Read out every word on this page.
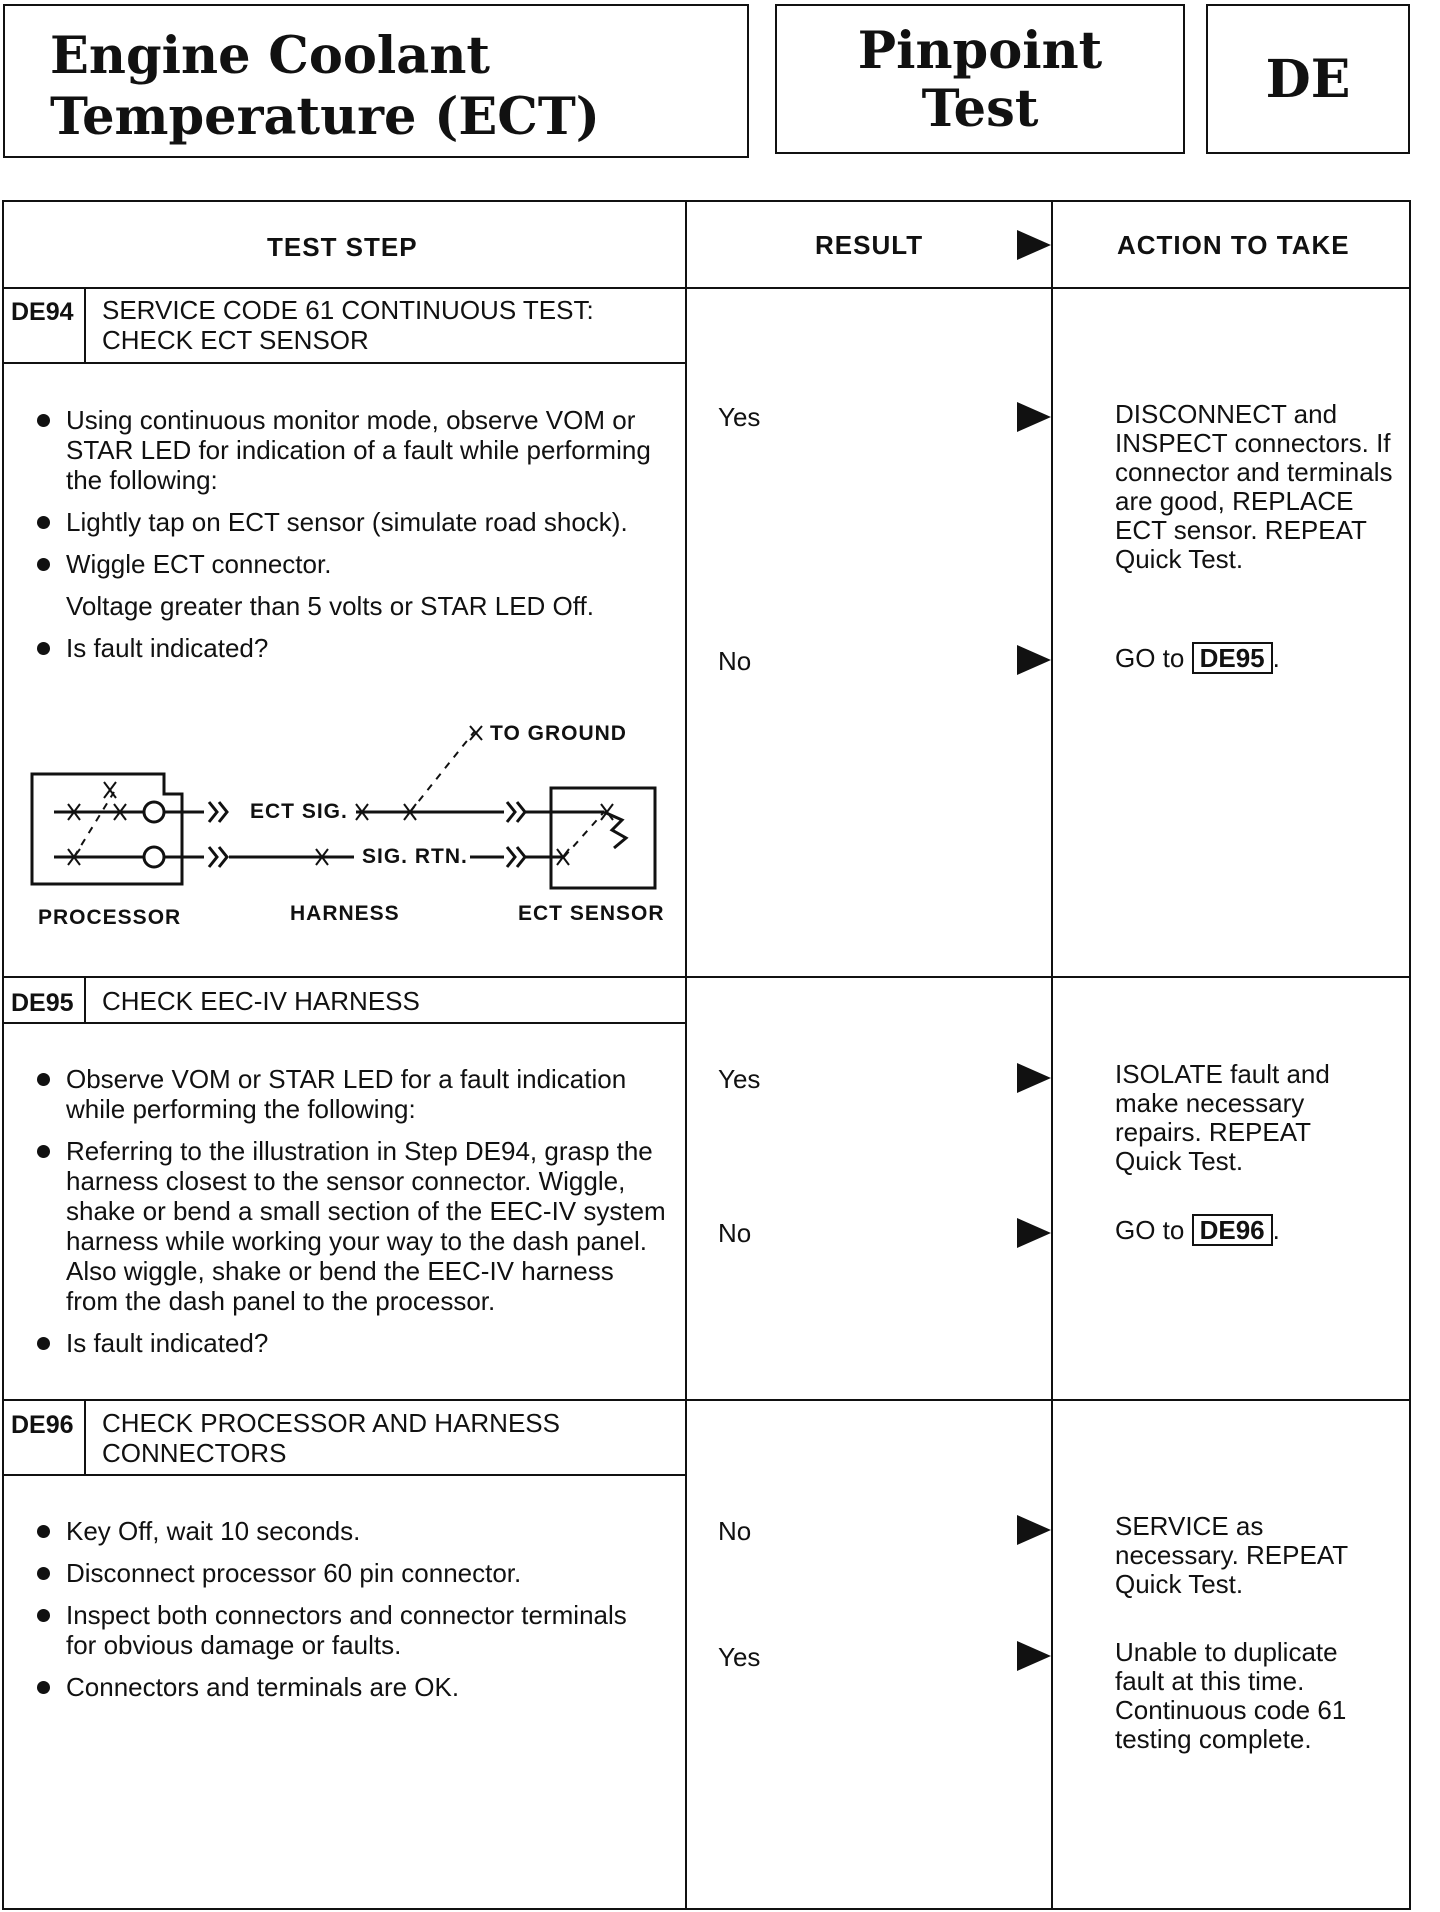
Engine Coolant
Temperature (ECT)
Pinpoint
Test	DE
TEST STEP	RESULT	ACTION TO TAKE
DE94 SERVICE CODE 61 CONTINUOUS TEST:
CHECK ECT SENSOR
Using continuous monitor mode, observe VOM or STAR LED for indication of a fault while performing the following:
Lightly tap on ECT sensor (simulate road shock).
Wiggle ECT connector.
Voltage greater than 5 volts or STAR LED Off.
Is fault indicated?
TO GROUND
ECT SIG.
SIG. RTN.
PROCESSOR	HARNESS	ECT SENSOR
Yes	DISCONNECT and INSPECT connectors. If connector and terminals are good, REPLACE ECT sensor. REPEAT Quick Test.
No	GO to DE95 .
DE95 CHECK EEC-IV HARNESS
Observe VOM or STAR LED for a fault indication while performing the following:
Referring to the illustration in Step DE94, grasp the harness closest to the sensor connector. Wiggle, shake or bend a small section of the EEC-IV system harness while working your way to the dash panel. Also wiggle, shake or bend the EEC-IV harness from the dash panel to the processor.
Is fault indicated?
Yes	ISOLATE fault and make necessary repairs. REPEAT Quick Test.
No	GO to DE96 .
DE96 CHECK PROCESSOR AND HARNESS
CONNECTORS
Key Off, wait 10 seconds.
Disconnect processor 60 pin connector.
Inspect both connectors and connector terminals for obvious damage or faults.
Connectors and terminals are OK.
No	SERVICE as necessary. REPEAT Quick Test.
Yes	Unable to duplicate fault at this time. Continuous code 61 testing complete.
